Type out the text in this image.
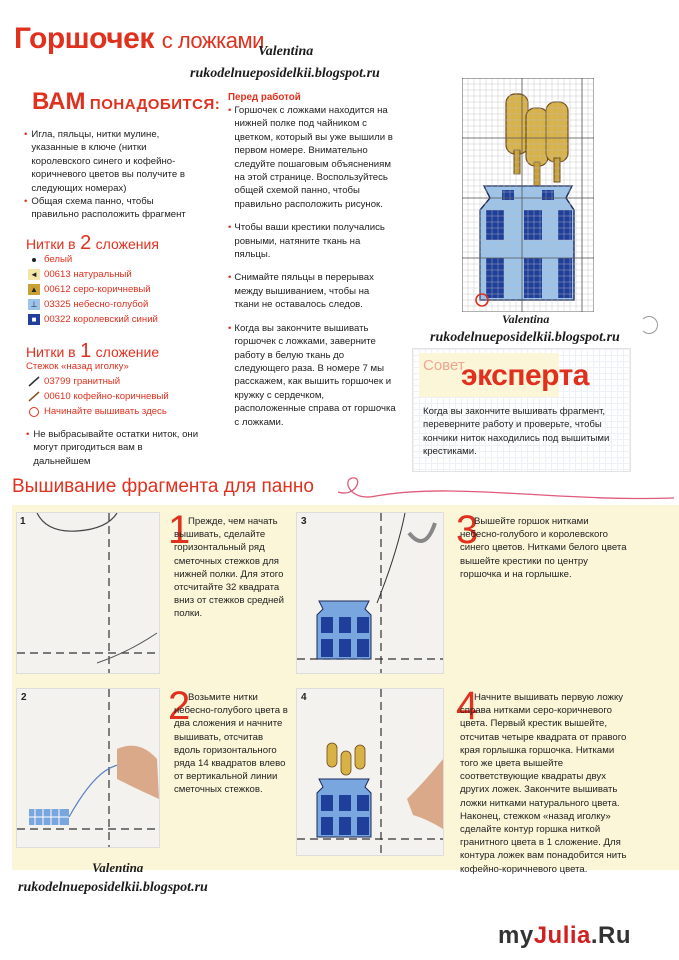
Горшочек с ложками
Valentina
rukodelnueposidelkii.blogspot.ru
ВАМ ПОНАДОБИТСЯ:
• Игла, пяльцы, нитки мулине, указанные в ключе (нитки королевского синего и кофейно-коричневого цветов вы получите в следующих номерах)
• Общая схема панно, чтобы правильно расположить фрагмент
Нитки в 2 сложения
белый
◄ 00613 натуральный
▲ 00612 серо-коричневый
⊥ 03325 небесно-голубой
■ 00322 королевский синий
Нитки в 1 сложение
Стежок «назад иголку»
03799 гранитный
00610 кофейно-коричневый
Начинайте вышивать здесь
• Не выбрасывайте остатки ниток, они могут пригодиться вам в дальнейшем
Перед работой
• Горшочек с ложками находится на нижней полке под чайником с цветком, который вы уже вышили в первом номере. Внимательно следуйте пошаговым объяснениям на этой странице. Воспользуйтесь общей схемой панно, чтобы правильно расположить рисунок.
• Чтобы ваши крестики получались ровными, натяните ткань на пяльцы.
• Снимайте пяльцы в перерывах между вышиванием, чтобы на ткани не оставалось следов.
• Когда вы закончите вышивать горшочек с ложками, заверните работу в белую ткань до следующего раза. В номере 7 мы расскажем, как вышить горшочек и кружку с сердечком, расположенные справа от горшочка с ложками.
Valentina
rukodelnueposidelkii.blogspot.ru
Совет
эксперта
Когда вы закончите вышивать фрагмент, переверните работу и проверьте, чтобы кончики ниток находились под вышитыми крестиками.
Вышивание фрагмента для панно
1	1
Прежде, чем начать вышивать, сделайте горизонтальный ряд сметочных стежков для нижней полки. Для этого отсчитайте 32 квадрата вниз от стежков средней полки.
3	3
Вышейте горшок нитками небесно-голубого и королевского синего цветов. Нитками белого цвета вышейте крестики по центру горшочка и на горлышке.
2	2
Возьмите нитки небесно-голубого цвета в два сложения и начните вышивать, отсчитав вдоль горизонтального ряда 14 квадратов влево от вертикальной линии сметочных стежков.
4	4
Начните вышивать первую ложку справа нитками серо-коричневого цвета. Первый крестик вышейте, отсчитав четыре квадрата от правого края горлышка горшочка. Нитками того же цвета вышейте соответствующие квадраты двух других ложек. Закончите вышивать ложки нитками натурального цвета. Наконец, стежком «назад иголку» сделайте контур горшка ниткой гранитного цвета в 1 сложение. Для контура ложек вам понадобится нить кофейно-коричневого цвета.
Valentina
rukodelnueposidelkii.blogspot.ru
myJulia.Ru
